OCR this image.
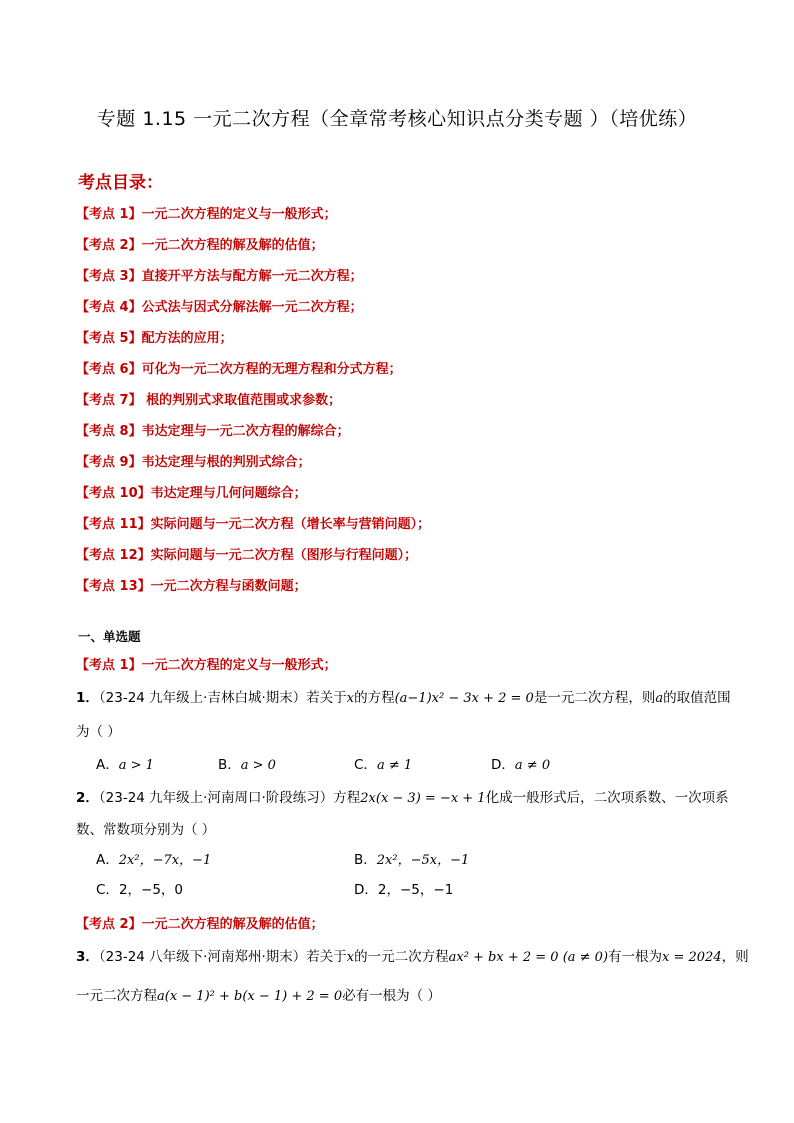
专题 1.15 一元二次方程（全章常考核心知识点分类专题 ）（培优练）
考点目录：
【考点 1】一元二次方程的定义与一般形式；
【考点 2】一元二次方程的解及解的估值；
【考点 3】直接开平方法与配方解一元二次方程；
【考点 4】公式法与因式分解法解一元二次方程；
【考点 5】配方法的应用；
【考点 6】可化为一元二次方程的无理方程和分式方程；
【考点 7】 根的判别式求取值范围或求参数；
【考点 8】韦达定理与一元二次方程的解综合；
【考点 9】韦达定理与根的判别式综合；
【考点 10】韦达定理与几何问题综合；
【考点 11】实际问题与一元二次方程（增长率与营销问题）；
【考点 12】实际问题与一元二次方程（图形与行程问题）；
【考点 13】一元二次方程与函数问题；
一、单选题
【考点 1】一元二次方程的定义与一般形式；
1．（23-24 九年级上·吉林白城·期末）若关于x的方程(a−1)x² − 3x + 2 = 0是一元二次方程，则a的取值范围
为（ ）
A．a > 1	B．a > 0	C．a ≠ 1	D．a ≠ 0
2．（23-24 九年级上·河南周口·阶段练习）方程2x(x − 3) = −x + 1化成一般形式后，二次项系数、一次项系
数、常数项分别为（ ）
A．2x²，−7x，−1	B．2x²，−5x，−1
C．2，−5，0	D．2，−5，−1
【考点 2】一元二次方程的解及解的估值；
3．（23-24 八年级下·河南郑州·期末）若关于x的一元二次方程ax² + bx + 2 = 0 (a ≠ 0)有一根为x = 2024，则
一元二次方程a(x − 1)² + b(x − 1) + 2 = 0必有一根为（ ）
